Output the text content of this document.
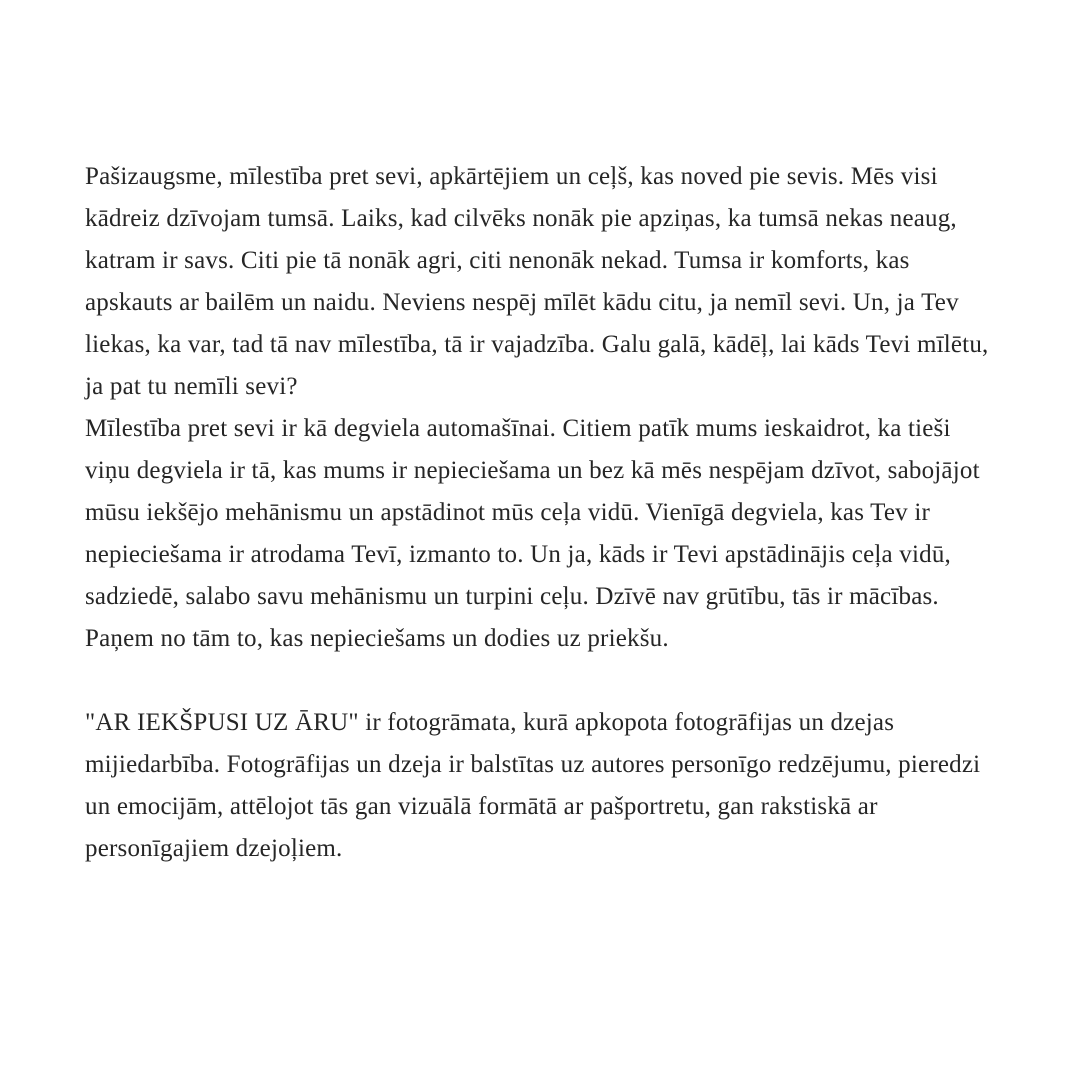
Pašizaugsme, mīlestība pret sevi, apkārtējiem un ceļš, kas noved pie sevis. Mēs visi kādreiz dzīvojam tumsā. Laiks, kad cilvēks nonāk pie apziņas, ka tumsā nekas neaug, katram ir savs. Citi pie tā nonāk agri, citi nenonāk nekad. Tumsa ir komforts, kas apskauts ar bailēm un naidu. Neviens nespēj mīlēt kādu citu, ja nemīl sevi. Un, ja Tev liekas, ka var, tad tā nav mīlestība, tā ir vajadzība. Galu galā, kādēļ, lai kāds Tevi mīlētu, ja pat tu nemīli sevi?

Mīlestība pret sevi ir kā degviela automašīnai. Citiem patīk mums ieskaidrot, ka tieši viņu degviela ir tā, kas mums ir nepieciešama un bez kā mēs nespējam dzīvot, sabojājot mūsu iekšējo mehānismu un apstādinot mūs ceļa vidū. Vienīgā degviela, kas Tev ir nepieciešama ir atrodama Tevī, izmanto to. Un ja, kāds ir Tevi apstādinājis ceļa vidū, sadziedē, salabo savu mehānismu un turpini ceļu. Dzīvē nav grūtību, tās ir mācības. Paņem no tām to, kas nepieciešams un dodies uz priekšu.

"AR IEKŠPUSI UZ ĀRU" ir fotogrāmata, kurā apkopota fotogrāfijas un dzejas mijiedarbība. Fotogrāfijas un dzeja ir balstītas uz autores personīgo redzējumu, pieredzi un emocijām, attēlojot tās gan vizuālā formātā ar pašportretu, gan rakstiskā ar personīgajiem dzejoļiem.
